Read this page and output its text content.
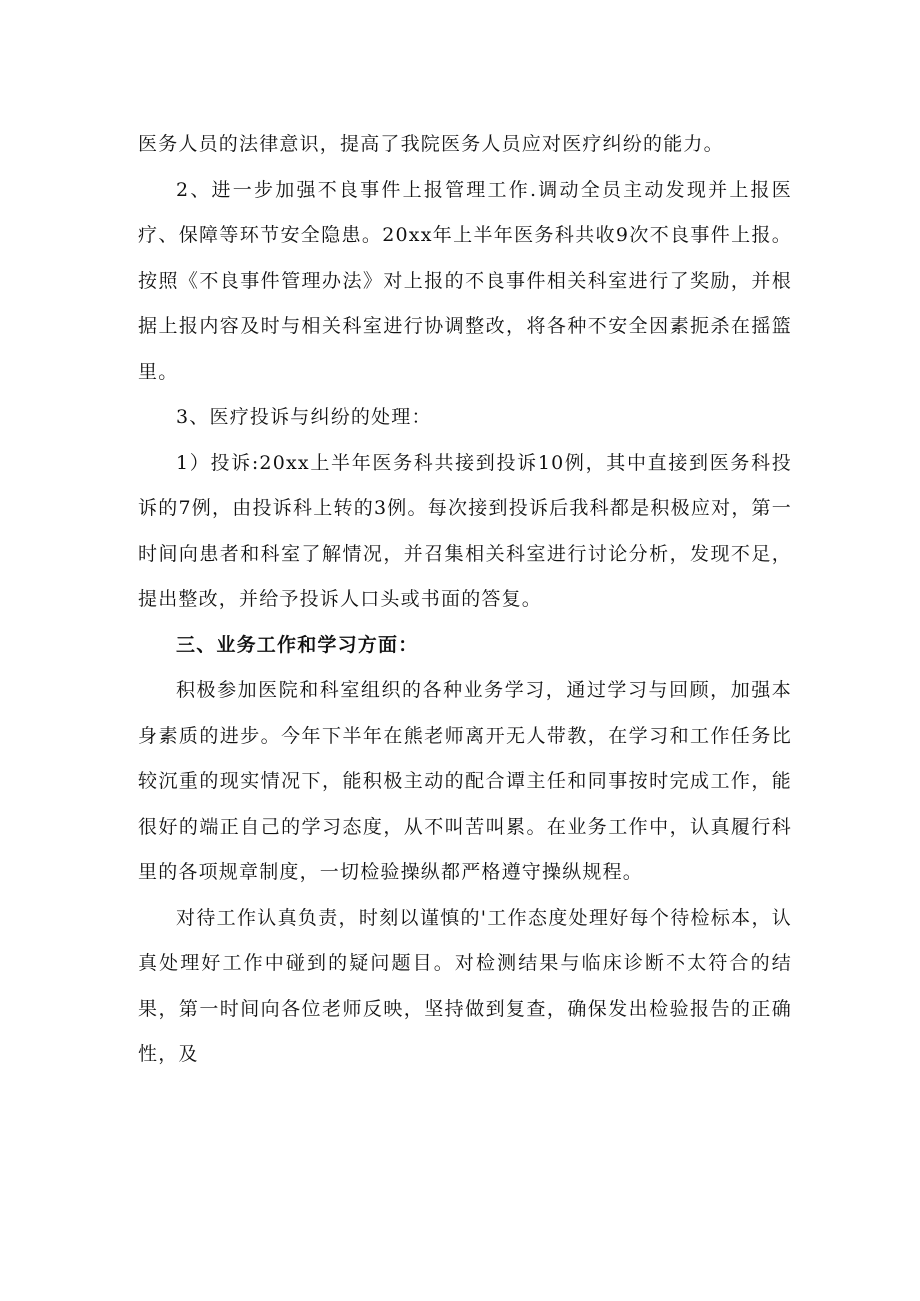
医务人员的法律意识，提高了我院医务人员应对医疗纠纷的能力。

2、进一步加强不良事件上报管理工作.调动全员主动发现并上报医疗、保障等环节安全隐患。20xx年上半年医务科共收9次不良事件上报。按照《不良事件管理办法》对上报的不良事件相关科室进行了奖励，并根据上报内容及时与相关科室进行协调整改，将各种不安全因素扼杀在摇篮里。

3、医疗投诉与纠纷的处理：

1）投诉:20xx上半年医务科共接到投诉10例，其中直接到医务科投诉的7例，由投诉科上转的3例。每次接到投诉后我科都是积极应对，第一时间向患者和科室了解情况，并召集相关科室进行讨论分析，发现不足，提出整改，并给予投诉人口头或书面的答复。

三、业务工作和学习方面：

积极参加医院和科室组织的各种业务学习，通过学习与回顾，加强本身素质的进步。今年下半年在熊老师离开无人带教，在学习和工作任务比较沉重的现实情况下，能积极主动的配合谭主任和同事按时完成工作，能很好的端正自己的学习态度，从不叫苦叫累。在业务工作中，认真履行科里的各项规章制度，一切检验操纵都严格遵守操纵规程。

对待工作认真负责，时刻以谨慎的'工作态度处理好每个待检标本，认真处理好工作中碰到的疑问题目。对检测结果与临床诊断不太符合的结果，第一时间向各位老师反映，坚持做到复查，确保发出检验报告的正确性，及
